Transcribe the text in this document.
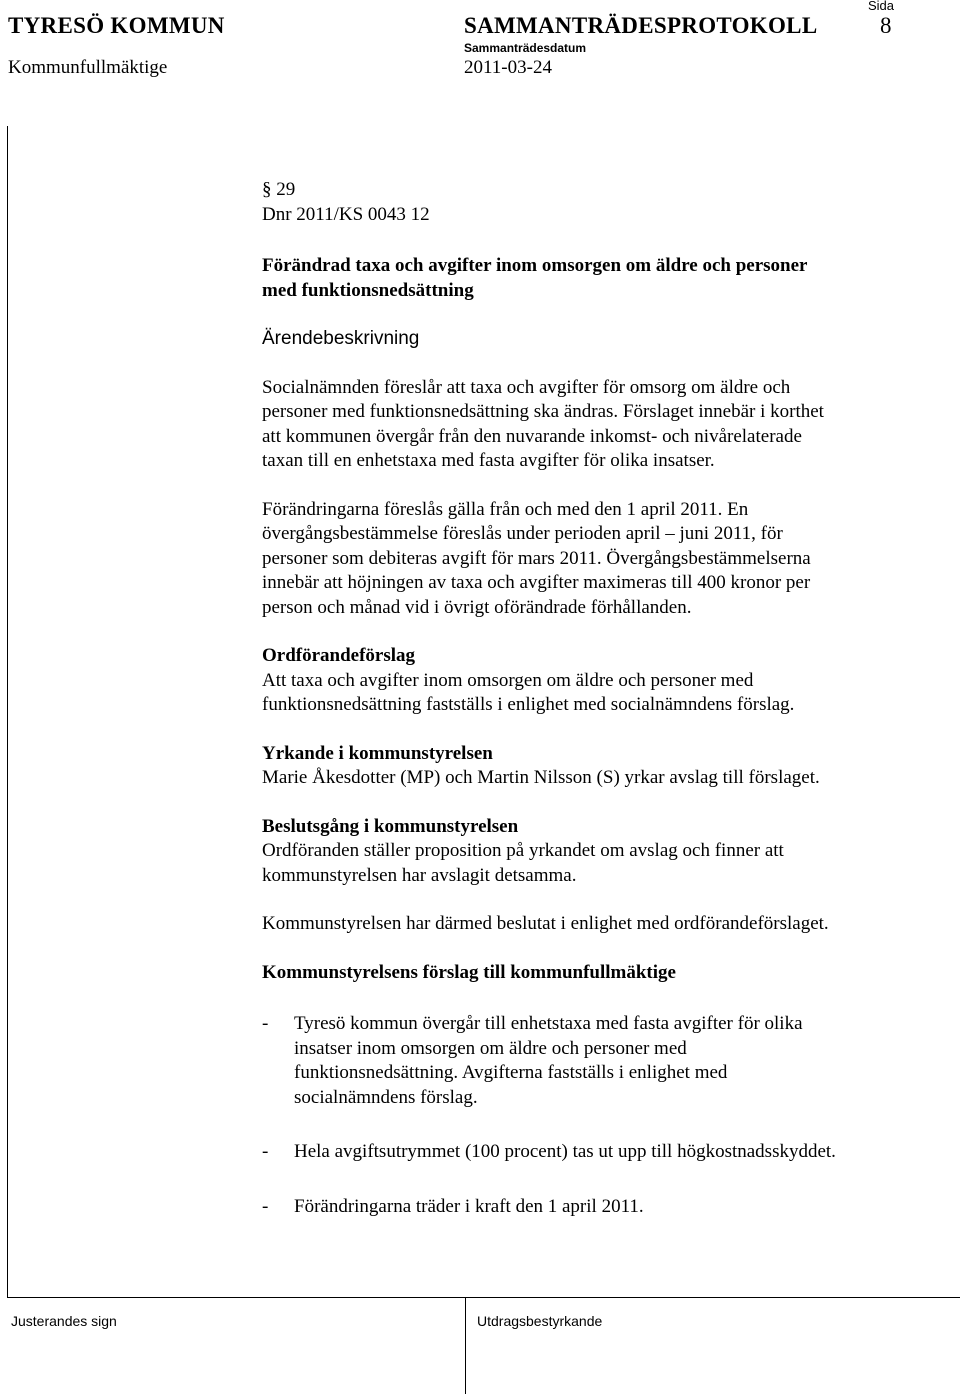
TYRESÖ KOMMUN	SAMMANTRÄDESPROTOKOLL
Sida
8
Kommunfullmäktige
Sammanträdesdatum
2011-03-24

§ 29

Dnr 2011/KS 0043 12

Förändrad taxa och avgifter inom omsorgen om äldre och personer

med funktionsnedsättning

Ärendebeskrivning

Socialnämnden föreslår att taxa och avgifter för omsorg om äldre och

personer med funktionsnedsättning ska ändras. Förslaget innebär i korthet

att kommunen övergår från den nuvarande inkomst- och nivårelaterade

taxan till en enhetstaxa med fasta avgifter för olika insatser.

Förändringarna föreslås gälla från och med den 1 april 2011. En

övergångsbestämmelse föreslås under perioden april – juni 2011, för

personer som debiteras avgift för mars 2011. Övergångsbestämmelserna

innebär att höjningen av taxa och avgifter maximeras till 400 kronor per

person och månad vid i övrigt oförändrade förhållanden.

Ordförandeförslag

Att taxa och avgifter inom omsorgen om äldre och personer med

funktionsnedsättning fastställs i enlighet med socialnämndens förslag.

Yrkande i kommunstyrelsen

Marie Åkesdotter (MP) och Martin Nilsson (S) yrkar avslag till förslaget.

Beslutsgång i kommunstyrelsen

Ordföranden ställer proposition på yrkandet om avslag och finner att

kommunstyrelsen har avslagit detsamma.

Kommunstyrelsen har därmed beslutat i enlighet med ordförandeförslaget.

Kommunstyrelsens förslag till kommunfullmäktige

- Tyresö kommun övergår till enhetstaxa med fasta avgifter för olika

insatser inom omsorgen om äldre och personer med

funktionsnedsättning. Avgifterna fastställs i enlighet med

socialnämndens förslag.

- Hela avgiftsutrymmet (100 procent) tas ut upp till högkostnadsskyddet.

- Förändringarna träder i kraft den 1 april 2011.

Justerandes sign	Utdragsbestyrkande
